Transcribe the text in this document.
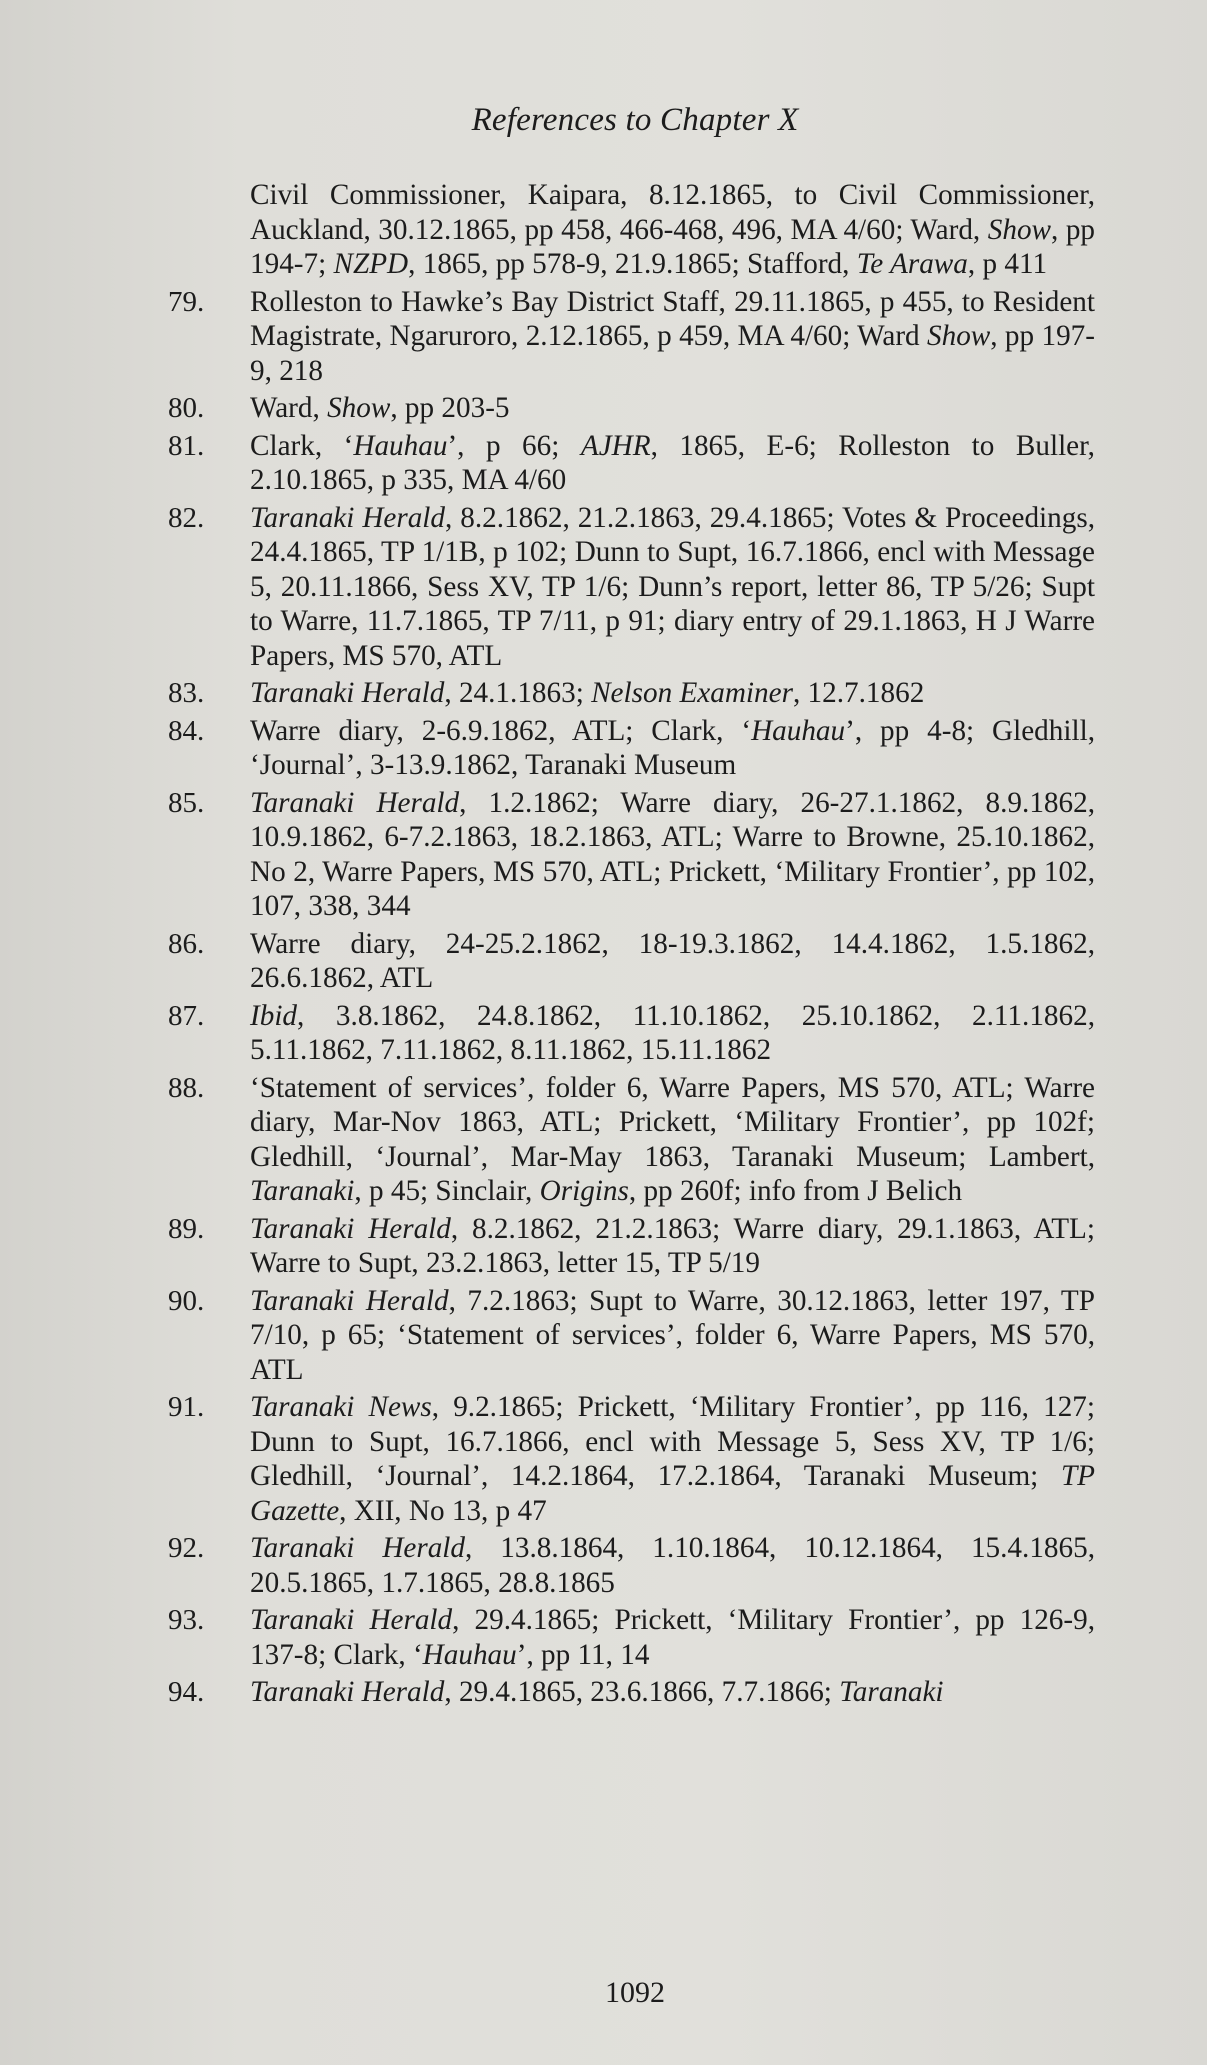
References to Chapter X
Civil Commissioner, Kaipara, 8.12.1865, to Civil Commissioner, Auckland, 30.12.1865, pp 458, 466-468, 496, MA 4/60; Ward, Show, pp 194-7; NZPD, 1865, pp 578-9, 21.9.1865; Stafford, Te Arawa, p 411
79.	Rolleston to Hawke’s Bay District Staff, 29.11.1865, p 455, to Resident Magistrate, Ngaruroro, 2.12.1865, p 459, MA 4/60; Ward Show, pp 197-9, 218
80.	Ward, Show, pp 203-5
81.	Clark, ‘Hauhau’, p 66; AJHR, 1865, E-6; Rolleston to Buller, 2.10.1865, p 335, MA 4/60
82.	Taranaki Herald, 8.2.1862, 21.2.1863, 29.4.1865; Votes & Proceedings, 24.4.1865, TP 1/1B, p 102; Dunn to Supt, 16.7.1866, encl with Message 5, 20.11.1866, Sess XV, TP 1/6; Dunn’s report, letter 86, TP 5/26; Supt to Warre, 11.7.1865, TP 7/11, p 91; diary entry of 29.1.1863, H J Warre Papers, MS 570, ATL
83.	Taranaki Herald, 24.1.1863; Nelson Examiner, 12.7.1862
84.	Warre diary, 2-6.9.1862, ATL; Clark, ‘Hauhau’, pp 4-8; Gledhill, ‘Journal’, 3-13.9.1862, Taranaki Museum
85.	Taranaki Herald, 1.2.1862; Warre diary, 26-27.1.1862, 8.9.1862, 10.9.1862, 6-7.2.1863, 18.2.1863, ATL; Warre to Browne, 25.10.1862, No 2, Warre Papers, MS 570, ATL; Prickett, ‘Military Frontier’, pp 102, 107, 338, 344
86.	Warre diary, 24-25.2.1862, 18-19.3.1862, 14.4.1862, 1.5.1862, 26.6.1862, ATL
87.	Ibid, 3.8.1862, 24.8.1862, 11.10.1862, 25.10.1862, 2.11.1862, 5.11.1862, 7.11.1862, 8.11.1862, 15.11.1862
88.	‘Statement of services’, folder 6, Warre Papers, MS 570, ATL; Warre diary, Mar-Nov 1863, ATL; Prickett, ‘Military Frontier’, pp 102f; Gledhill, ‘Journal’, Mar-May 1863, Taranaki Museum; Lambert, Taranaki, p 45; Sinclair, Origins, pp 260f; info from J Belich
89.	Taranaki Herald, 8.2.1862, 21.2.1863; Warre diary, 29.1.1863, ATL; Warre to Supt, 23.2.1863, letter 15, TP 5/19
90.	Taranaki Herald, 7.2.1863; Supt to Warre, 30.12.1863, letter 197, TP 7/10, p 65; ‘Statement of services’, folder 6, Warre Papers, MS 570, ATL
91.	Taranaki News, 9.2.1865; Prickett, ‘Military Frontier’, pp 116, 127; Dunn to Supt, 16.7.1866, encl with Message 5, Sess XV, TP 1/6; Gledhill, ‘Journal’, 14.2.1864, 17.2.1864, Taranaki Museum; TP Gazette, XII, No 13, p 47
92.	Taranaki Herald, 13.8.1864, 1.10.1864, 10.12.1864, 15.4.1865, 20.5.1865, 1.7.1865, 28.8.1865
93.	Taranaki Herald, 29.4.1865; Prickett, ‘Military Frontier’, pp 126-9, 137-8; Clark, ‘Hauhau’, pp 11, 14
94.	Taranaki Herald, 29.4.1865, 23.6.1866, 7.7.1866; Taranaki
1092
